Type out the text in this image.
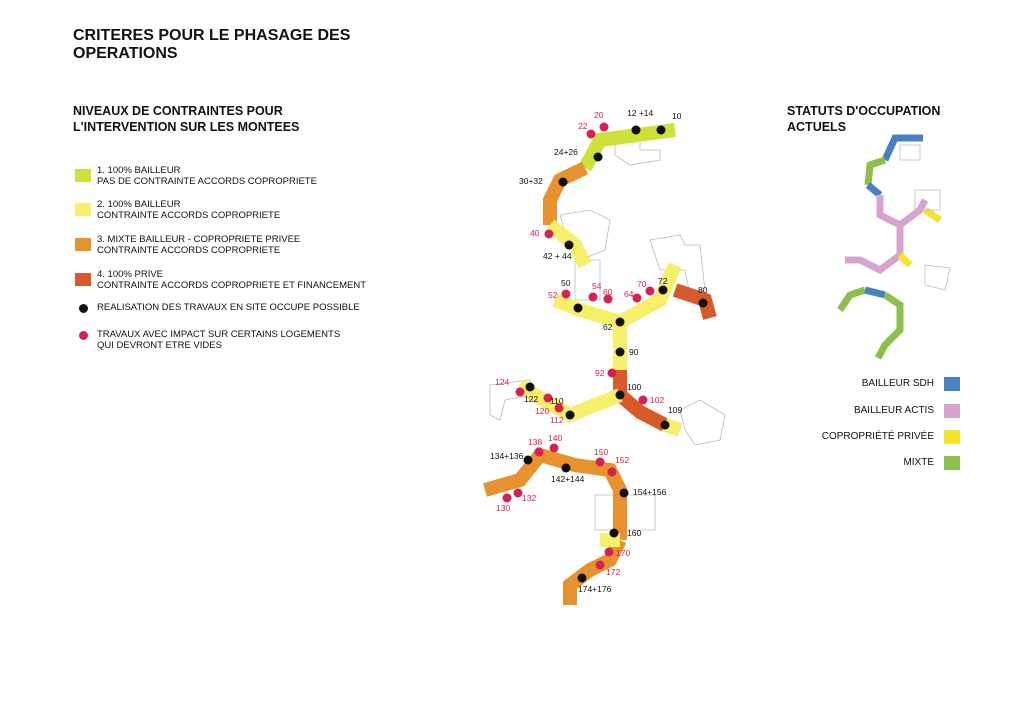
CRITERES POUR LE PHASAGE DES
OPERATIONS
NIVEAUX DE CONTRAINTES POUR
L'INTERVENTION SUR LES MONTEES
STATUTS D'OCCUPATION
ACTUELS
1. 100% BAILLEUR
PAS DE CONTRAINTE ACCORDS COPROPRIETE
2. 100% BAILLEUR
CONTRAINTE ACCORDS COPROPRIETE
3. MIXTE BAILLEUR - COPROPRIETE PRIVEE
CONTRAINTE ACCORDS COPROPRIETE
4. 100% PRIVE
CONTRAINTE ACCORDS COPROPRIETE ET FINANCEMENT
REALISATION DES TRAVAUX EN SITE OCCUPE POSSIBLE
TRAVAUX AVEC IMPACT SUR CERTAINS LOGEMENTS
QUI DEVRONT ETRE VIDES
BAILLEUR SDH
BAILLEUR ACTIS
COPROPRIÉTÉ PRIVÉE
MIXTE
10
12 +14
24+26
30+32
42 + 44
50
62
72
80
90
100
109
110
122
134+136
142+144
154+156
160
174+176
20
22
40
52
54
60 64
70
92
102
112
120
124
130
132
138 140
150
152
170
172
